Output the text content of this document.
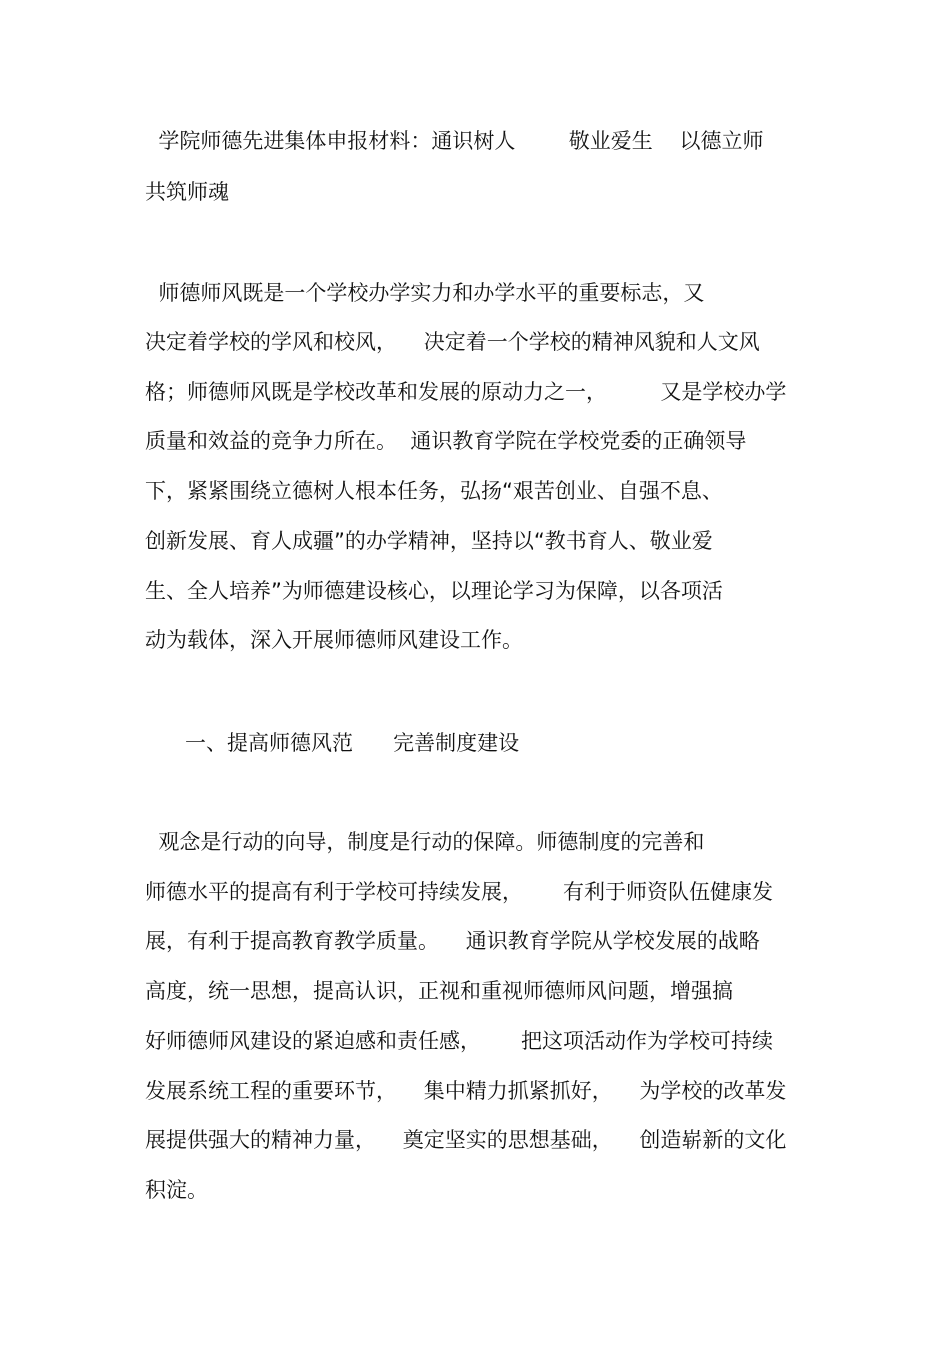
学院师德先进集体申报材料：通识树人        敬业爱生    以德立师
共筑师魂
师德师风既是一个学校办学实力和办学水平的重要标志，又
决定着学校的学风和校风，    决定着一个学校的精神风貌和人文风
格；师德师风既是学校改革和发展的原动力之一，        又是学校办学
质量和效益的竞争力所在。  通识教育学院在学校党委的正确领导
下，紧紧围绕立德树人根本任务，弘扬“艰苦创业、自强不息、
创新发展、育人成疆”的办学精神，坚持以“教书育人、敬业爱
生、全人培养”为师德建设核心，以理论学习为保障，以各项活
动为载体，深入开展师德师风建设工作。
一、提高师德风范      完善制度建设
观念是行动的向导，制度是行动的保障。师德制度的完善和
师德水平的提高有利于学校可持续发展，      有利于师资队伍健康发
展，有利于提高教育教学质量。    通识教育学院从学校发展的战略
高度，统一思想，提高认识，正视和重视师德师风问题，增强搞
好师德师风建设的紧迫感和责任感，      把这项活动作为学校可持续
发展系统工程的重要环节，    集中精力抓紧抓好，    为学校的改革发
展提供强大的精神力量，    奠定坚实的思想基础，    创造崭新的文化
积淀。
